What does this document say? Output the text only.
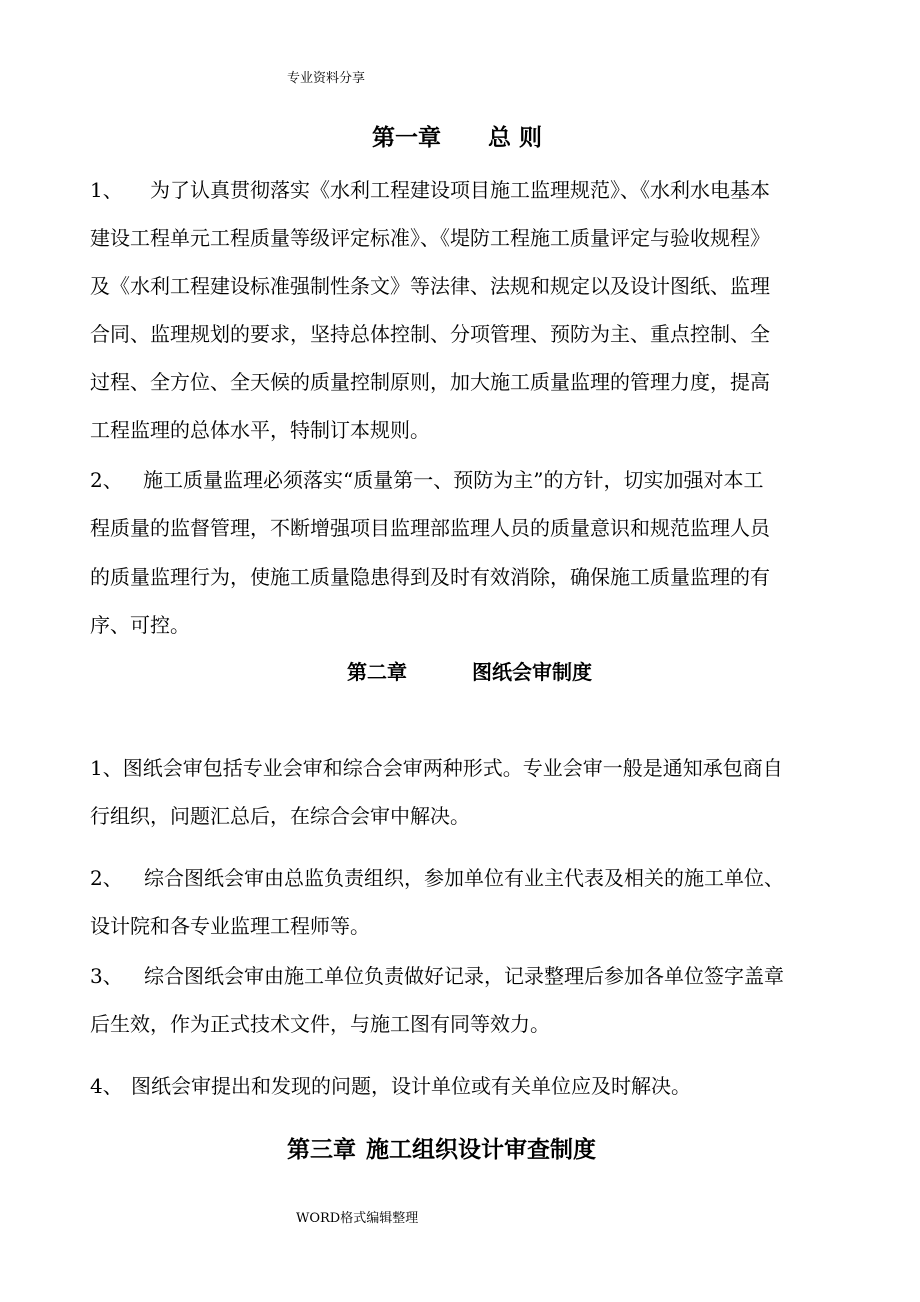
专业资料分享
第一章 总 则
1、 为了认真贯彻落实《水利工程建设项目施工监理规范》、《水利水电基本
建设工程单元工程质量等级评定标准》、《堤防工程施工质量评定与验收规程》
及《水利工程建设标准强制性条文》等法律、法规和规定以及设计图纸、监理
合同、监理规划的要求，坚持总体控制、分项管理、预防为主、重点控制、全
过程、全方位、全天候的质量控制原则，加大施工质量监理的管理力度，提高
工程监理的总体水平，特制订本规则。
2、 施工质量监理必须落实“质量第一、预防为主”的方针，切实加强对本工
程质量的监督管理，不断增强项目监理部监理人员的质量意识和规范监理人员
的质量监理行为，使施工质量隐患得到及时有效消除，确保施工质量监理的有
序、可控。
第二章	图纸会审制度
1、图纸会审包括专业会审和综合会审两种形式。专业会审一般是通知承包商自
行组织，问题汇总后，在综合会审中解决。
2、 综合图纸会审由总监负责组织，参加单位有业主代表及相关的施工单位、
设计院和各专业监理工程师等。
3、 综合图纸会审由施工单位负责做好记录，记录整理后参加各单位签字盖章
后生效，作为正式技术文件，与施工图有同等效力。
4、 图纸会审提出和发现的问题，设计单位或有关单位应及时解决。
第三章 施工组织设计审查制度
WORD格式编辑整理
